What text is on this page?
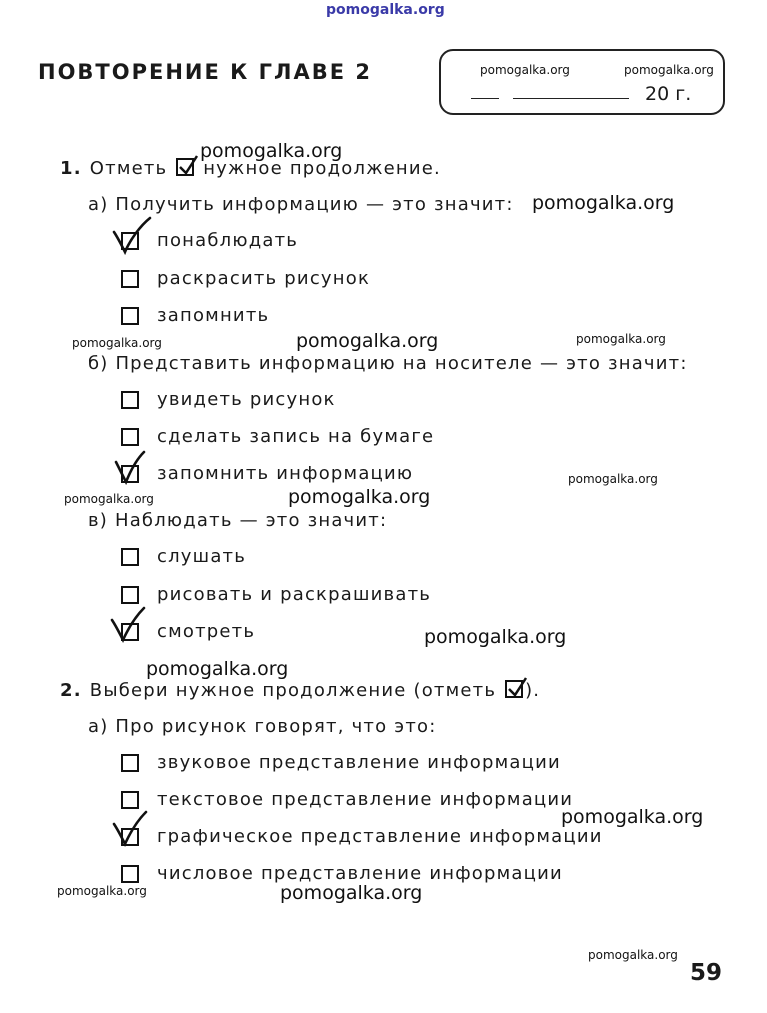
pomogalka.org
pomogalka.org	pomogalka.org
pomogalka.org
pomogalka.org
pomogalka.org	pomogalka.org	pomogalka.org
pomogalka.org
pomogalka.org	pomogalka.org
pomogalka.org
pomogalka.org
pomogalka.org
pomogalka.org	pomogalka.org
pomogalka.org
ПОВТОРЕНИЕ К ГЛАВЕ 2
20 г.
1. Отметь нужное продолжение.
а) Получить информацию — это значит:
понаблюдать
раскрасить рисунок
запомнить
б) Представить информацию на носителе — это значит:
увидеть рисунок
сделать запись на бумаге
запомнить информацию
в) Наблюдать — это значит:
слушать
рисовать и раскрашивать
смотреть
2. Выбери нужное продолжение (отметь ).
а) Про рисунок говорят, что это:
звуковое представление информации
текстовое представление информации
графическое представление информации
числовое представление информации
59
